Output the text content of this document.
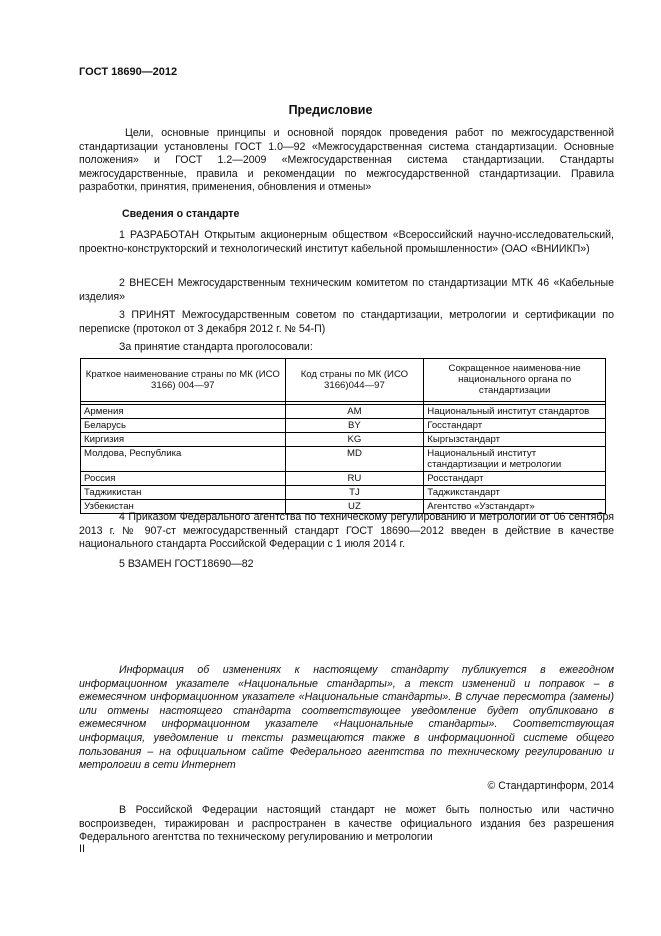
ГОСТ 18690—2012
Предисловие
Цели, основные принципы и основной порядок проведения работ по межгосударственной стандартизации установлены ГОСТ 1.0—92 «Межгосударственная система стандартизации. Основные положения» и ГОСТ 1.2—2009 «Межгосударственная система стандартизации. Стандарты межгосударственные, правила и рекомендации по межгосударственной стандартизации. Правила разработки, принятия, применения, обновления и отмены»
Сведения о стандарте
1 РАЗРАБОТАН Открытым акционерным обществом «Всероссийский научно-исследовательский, проектно-конструкторский и технологический институт кабельной промышленности» (ОАО «ВНИИКП»)
2 ВНЕСЕН Межгосударственным техническим комитетом по стандартизации МТК 46 «Кабельные изделия»
3 ПРИНЯТ Межгосударственным советом по стандартизации, метрологии и сертификации по переписке (протокол от 3 декабря 2012 г. № 54-П)
За принятие стандарта проголосовали:
Краткое наименование страны по МК (ИСО 3166) 004—97	Код страны по МК (ИСО 3166)044—97	Сокращенное наименова-ние национального органа по стандартизации

Армения	AM	Национальный институт стандартов
Беларусь	BY	Госстандарт
Киргизия	KG	Кыргызстандарт
Молдова, Республика	MD	Национальный институт стандартизации и метрологии
Россия	RU	Росстандарт
Таджикистан	TJ	Таджикстандарт
Узбекистан	UZ	Агентство «Узстандарт»
4 Приказом Федерального агентства по техническому регулированию и метрологии от 06 сентября 2013 г. № 907-ст межгосударственный стандарт ГОСТ 18690—2012 введен в действие в качестве национального стандарта Российской Федерации с 1 июля 2014 г.
5 ВЗАМЕН ГОСТ18690—82
Информация об изменениях к настоящему стандарту публикуется в ежегодном информационном указателе «Национальные стандарты», а текст изменений и поправок – в ежемесячном информационном указателе «Национальные стандарты». В случае пересмотра (замены) или отмены настоящего стандарта соответствующее уведомление будет опубликовано в ежемесячном информационном указателе «Национальные стандарты». Соответствующая информация, уведомление и тексты размещаются также в информационной системе общего пользования – на официальном сайте Федерального агентства по техническому регулированию и метрологии в сети Интернет
© Стандартинформ, 2014
В Российской Федерации настоящий стандарт не может быть полностью или частично воспроизведен, тиражирован и распространен в качестве официального издания без разрешения Федерального агентства по техническому регулированию и метрологии
II
